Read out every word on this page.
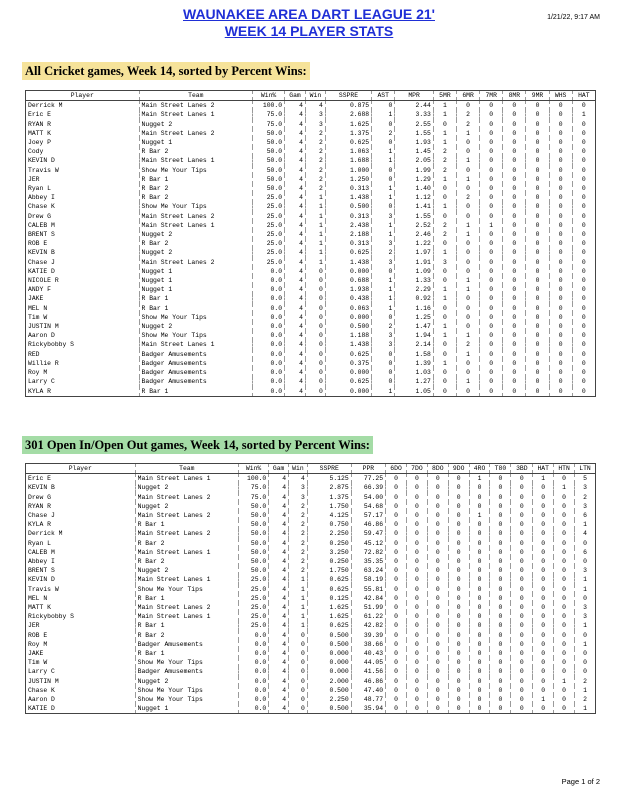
WAUNAKEE AREA DART LEAGUE 21'
WEEK 14 PLAYER STATS
1/21/22, 9:17 AM
All Cricket games, Week 14, sorted by Percent Wins:
Player	Team	Win%	Gam	Win	SSPRE	AST	MPR	5MR	6MR	7MR	8MR	9MR	WHS	HAT
Derrick M	Main Street Lanes 2	100.0	4	4	0.875	0	2.44	1	0	0	0	0	0	0
Eric E	Main Street Lanes 1	75.0	4	3	2.688	1	3.33	1	2	0	0	0	0	1
RYAN R	Nugget 2	75.0	4	3	1.625	0	2.55	0	2	0	0	0	0	0
MATT K	Main Street Lanes 2	50.0	4	2	1.375	2	1.55	1	1	0	0	0	0	0
Joey P	Nugget 1	50.0	4	2	0.625	0	1.93	1	0	0	0	0	0	0
Cody	R Bar 2	50.0	4	2	1.063	1	1.45	2	0	0	0	0	0	0
KEVIN D	Main Street Lanes 1	50.0	4	2	1.688	1	2.05	2	1	0	0	0	0	0
Travis W	Show Me Your Tips	50.0	4	2	1.000	0	1.99	2	0	0	0	0	0	0
JER	R Bar 1	50.0	4	2	1.250	0	1.29	1	1	0	0	0	0	0
Ryan L	R Bar 2	50.0	4	2	0.313	1	1.40	0	0	0	0	0	0	0
Abbey I	R Bar 2	25.0	4	1	1.438	1	1.12	0	2	0	0	0	0	0
Chase K	Show Me Your Tips	25.0	4	1	0.500	0	1.41	1	0	0	0	0	0	0
Drew G	Main Street Lanes 2	25.0	4	1	0.313	3	1.55	0	0	0	0	0	0	0
CALEB M	Main Street Lanes 1	25.0	4	1	2.438	1	2.52	2	1	1	0	0	0	0
BRENT S	Nugget 2	25.0	4	1	2.188	1	2.46	2	1	0	0	0	0	0
ROB E	R Bar 2	25.0	4	1	0.313	3	1.22	0	0	0	0	0	0	0
KEVIN B	Nugget 2	25.0	4	1	0.625	2	1.97	1	0	0	0	0	0	0
Chase J	Main Street Lanes 2	25.0	4	1	1.438	3	1.91	3	0	0	0	0	0	0
KATIE D	Nugget 1	0.0	4	0	0.000	0	1.09	0	0	0	0	0	0	0
NICOLE R	Nugget 1	0.0	4	0	0.688	1	1.33	0	1	0	0	0	0	0
ANDY F	Nugget 1	0.0	4	0	1.938	1	2.29	1	1	0	0	0	0	0
JAKE	R Bar 1	0.0	4	0	0.438	1	0.92	1	0	0	0	0	0	0
MEL N	R Bar 1	0.0	4	0	0.063	1	1.16	0	0	0	0	0	0	0
Tim W	Show Me Your Tips	0.0	4	0	0.000	0	1.25	0	0	0	0	0	0	0
JUSTIN M	Nugget 2	0.0	4	0	0.500	2	1.47	1	0	0	0	0	0	0
Aaron D	Show Me Your Tips	0.0	4	0	1.188	3	1.94	1	1	0	0	0	0	0
Rickybobby S	Main Street Lanes 1	0.0	4	0	1.438	3	2.14	0	2	0	0	0	0	0
RED	Badger Amusements	0.0	4	0	0.625	0	1.58	0	1	0	0	0	0	0
Willie R	Badger Amusements	0.0	4	0	0.375	0	1.39	1	0	0	0	0	0	0
Roy M	Badger Amusements	0.0	4	0	0.000	0	1.03	0	0	0	0	0	0	0
Larry C	Badger Amusements	0.0	4	0	0.625	0	1.27	0	1	0	0	0	0	0
KYLA R	R Bar 1	0.0	4	0	0.000	1	1.05	0	0	0	0	0	0	0
301 Open In/Open Out games, Week 14, sorted by Percent Wins:
Player	Team	Win%	Gam	Win	SSPRE	PPR	6DO	7DO	8DO	9DO	4RO	T80	3BD	HAT	HTN	LTN
Eric E	Main Street Lanes 1	100.0	4	4	5.125	77.25	0	0	0	0	1	0	0	1	0	5
KEVIN B	Nugget 2	75.0	4	3	2.875	66.39	0	0	0	0	0	0	0	0	1	3
Drew G	Main Street Lanes 2	75.0	4	3	1.375	54.00	0	0	0	0	0	0	0	0	0	2
RYAN R	Nugget 2	50.0	4	2	1.750	54.68	0	0	0	0	0	0	0	0	0	3
Chase J	Main Street Lanes 2	50.0	4	2	4.125	57.17	0	0	0	0	1	0	0	0	0	6
KYLA R	R Bar 1	50.0	4	2	0.750	46.86	0	0	0	0	0	0	0	0	0	1
Derrick M	Main Street Lanes 2	50.0	4	2	2.250	59.47	0	0	0	0	0	0	0	0	0	4
Ryan L	R Bar 2	50.0	4	2	0.250	45.12	0	0	0	0	0	0	0	0	0	0
CALEB M	Main Street Lanes 1	50.0	4	2	3.250	72.82	0	0	0	0	0	0	0	0	0	6
Abbey I	R Bar 2	50.0	4	2	0.250	35.35	0	0	0	0	0	0	0	0	0	0
BRENT S	Nugget 2	50.0	4	2	1.750	63.24	0	0	0	0	0	0	0	0	0	3
KEVIN D	Main Street Lanes 1	25.0	4	1	0.625	58.19	0	0	0	0	0	0	0	0	0	1
Travis W	Show Me Your Tips	25.0	4	1	0.625	55.81	0	0	0	0	0	0	0	0	0	1
MEL N	R Bar 1	25.0	4	1	0.125	42.84	0	0	0	0	0	0	0	0	0	0
MATT K	Main Street Lanes 2	25.0	4	1	1.625	51.99	0	0	0	0	0	0	0	0	0	3
Rickybobby S	Main Street Lanes 1	25.0	4	1	1.625	61.22	0	0	0	0	0	0	0	0	0	3
JER	R Bar 1	25.0	4	1	0.625	42.82	0	0	0	0	0	0	0	0	0	1
ROB E	R Bar 2	0.0	4	0	0.500	39.39	0	0	0	0	0	0	0	0	0	0
Roy M	Badger Amusements	0.0	4	0	0.500	38.66	0	0	0	0	0	0	0	0	0	1
JAKE	R Bar 1	0.0	4	0	0.000	40.43	0	0	0	0	0	0	0	0	0	0
Tim W	Show Me Your Tips	0.0	4	0	0.000	44.05	0	0	0	0	0	0	0	0	0	0
Larry C	Badger Amusements	0.0	4	0	0.000	41.56	0	0	0	0	0	0	0	0	0	0
JUSTIN M	Nugget 2	0.0	4	0	2.000	46.86	0	0	0	0	0	0	0	0	1	2
Chase K	Show Me Your Tips	0.0	4	0	0.500	47.40	0	0	0	0	0	0	0	0	0	1
Aaron D	Show Me Your Tips	0.0	4	0	2.250	48.77	0	0	0	0	0	0	0	1	0	2
KATIE D	Nugget 1	0.0	4	0	0.500	35.94	0	0	0	0	0	0	0	0	0	1
Page 1 of 2
